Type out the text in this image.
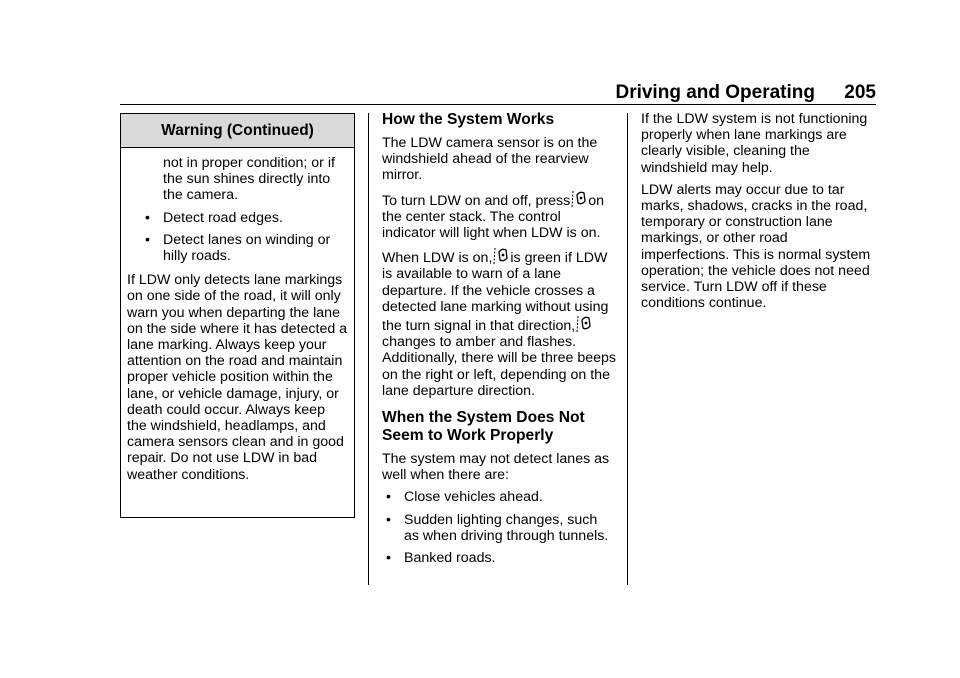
Driving and Operating	205
Warning (Continued)

not in proper condition; or if the sun shines directly into the camera.

• Detect road edges.
• Detect lanes on winding or hilly roads.

If LDW only detects lane markings on one side of the road, it will only warn you when departing the lane on the side where it has detected a lane marking. Always keep your attention on the road and maintain proper vehicle position within the lane, or vehicle damage, injury, or death could occur. Always keep the windshield, headlamps, and camera sensors clean and in good repair. Do not use LDW in bad weather conditions.

How the System Works

The LDW camera sensor is on the windshield ahead of the rearview mirror.

To turn LDW on and off, press on the center stack. The control indicator will light when LDW is on.

When LDW is on, is green if LDW is available to warn of a lane departure. If the vehicle crosses a detected lane marking without using the turn signal in that direction,changes to amber and flashes. Additionally, there will be three beeps on the right or left, depending on the lane departure direction.

When the System Does Not Seem to Work Properly

The system may not detect lanes as well when there are:

• Close vehicles ahead.
• Sudden lighting changes, such as when driving through tunnels.
• Banked roads.

If the LDW system is not functioning properly when lane markings are clearly visible, cleaning the windshield may help.

LDW alerts may occur due to tar marks, shadows, cracks in the road, temporary or construction lane markings, or other road imperfections. This is normal system operation; the vehicle does not need service. Turn LDW off if these conditions continue.
